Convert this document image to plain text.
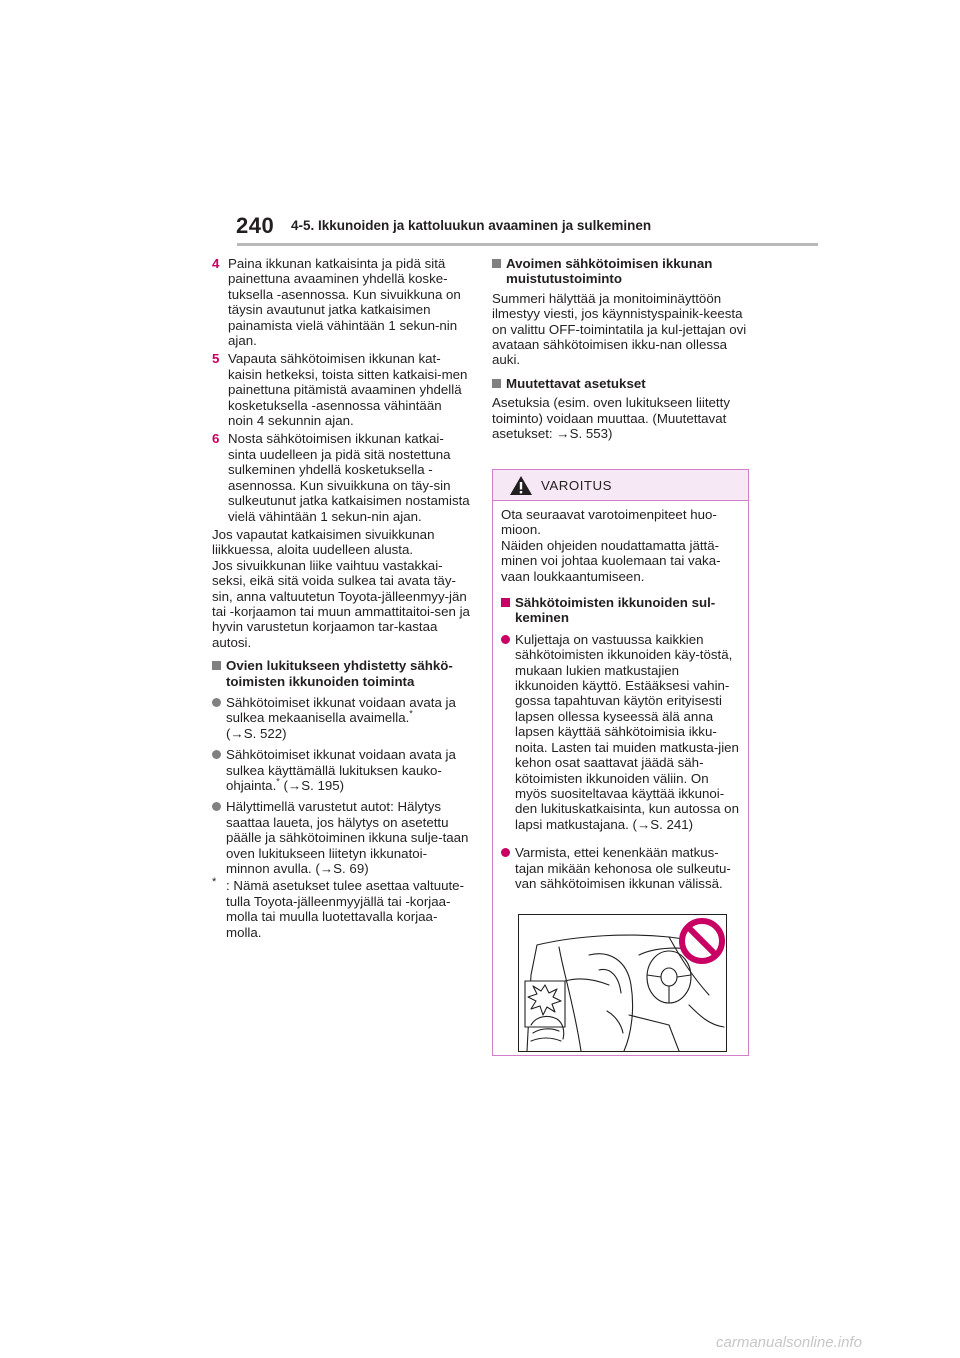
240 4-5. Ikkunoiden ja kattoluukun avaaminen ja sulkeminen

4 Paina ikkunan katkaisinta ja pidä sitä painettuna avaaminen yhdellä koske-tuksella -asennossa. Kun sivuikkuna on täysin avautunut jatka katkaisimen painamista vielä vähintään 1 sekun-nin ajan.

5 Vapauta sähkötoimisen ikkunan kat-kaisin hetkeksi, toista sitten katkaisi-men painettuna pitämistä avaaminen yhdellä kosketuksella -asennossa vähintään noin 4 sekunnin ajan.

6 Nosta sähkötoimisen ikkunan katkai-sinta uudelleen ja pidä sitä nostettuna sulkeminen yhdellä kosketuksella -asennossa. Kun sivuikkuna on täy-sin sulkeutunut jatka katkaisimen nostamista vielä vähintään 1 sekun-nin ajan.

Jos vapautat katkaisimen sivuikkunan liikkuessa, aloita uudelleen alusta.

Jos sivuikkunan liike vaihtuu vastakkai-seksi, eikä sitä voida sulkea tai avata täy-sin, anna valtuutetun Toyota-jälleenmyy-jän tai -korjaamon tai muun ammattitaitoi-sen ja hyvin varustetun korjaamon tar-kastaa autosi.

Ovien lukitukseen yhdistetty sähkö-toimisten ikkunoiden toiminta

Sähkötoimiset ikkunat voidaan avata ja sulkea mekaanisella avaimella.*
(→S. 522)

Sähkötoimiset ikkunat voidaan avata ja sulkea käyttämällä lukituksen kauko-ohjainta.* (→S. 195)

Hälyttimellä varustetut autot: Hälytys saattaa laueta, jos hälytys on asetettu päälle ja sähkötoiminen ikkuna sulje-taan oven lukitukseen liitetyn ikkunatoi-minnon avulla. (→S. 69)

* : Nämä asetukset tulee asettaa valtuute-tulla Toyota-jälleenmyyjällä tai -korjaa-molla tai muulla luotettavalla korjaa-molla.

Avoimen sähkötoimisen ikkunan muistutustoiminto

Summeri hälyttää ja monitoiminäyttöön ilmestyy viesti, jos käynnistyspainik-keesta on valittu OFF-toimintatila ja kul-jettajan ovi avataan sähkötoimisen ikku-nan ollessa auki.

Muutettavat asetukset

Asetuksia (esim. oven lukitukseen liitetty toiminto) voidaan muuttaa. (Muutettavat asetukset: →S. 553)

VAROITUS

Ota seuraavat varotoimenpiteet huo-mioon.

Näiden ohjeiden noudattamatta jättä-minen voi johtaa kuolemaan tai vaka-vaan loukkaantumiseen.

Sähkötoimisten ikkunoiden sul-keminen

Kuljettaja on vastuussa kaikkien sähkötoimisten ikkunoiden käy-töstä, mukaan lukien matkustajien ikkunoiden käyttö. Estääksesi vahin-gossa tapahtuvan käytön erityisesti lapsen ollessa kyseessä älä anna lapsen käyttää sähkötoimisia ikku-noita. Lasten tai muiden matkusta-jien kehon osat saattavat jäädä säh-kötoimisten ikkunoiden väliin. On myös suositeltavaa käyttää ikkunoi-den lukituskatkaisinta, kun autossa on lapsi matkustajana. (→S. 241)

Varmista, ettei kenenkään matkus-tajan mikään kehonosa ole sulkeutu-van sähkötoimisen ikkunan välissä.

carmanualsonline.info
